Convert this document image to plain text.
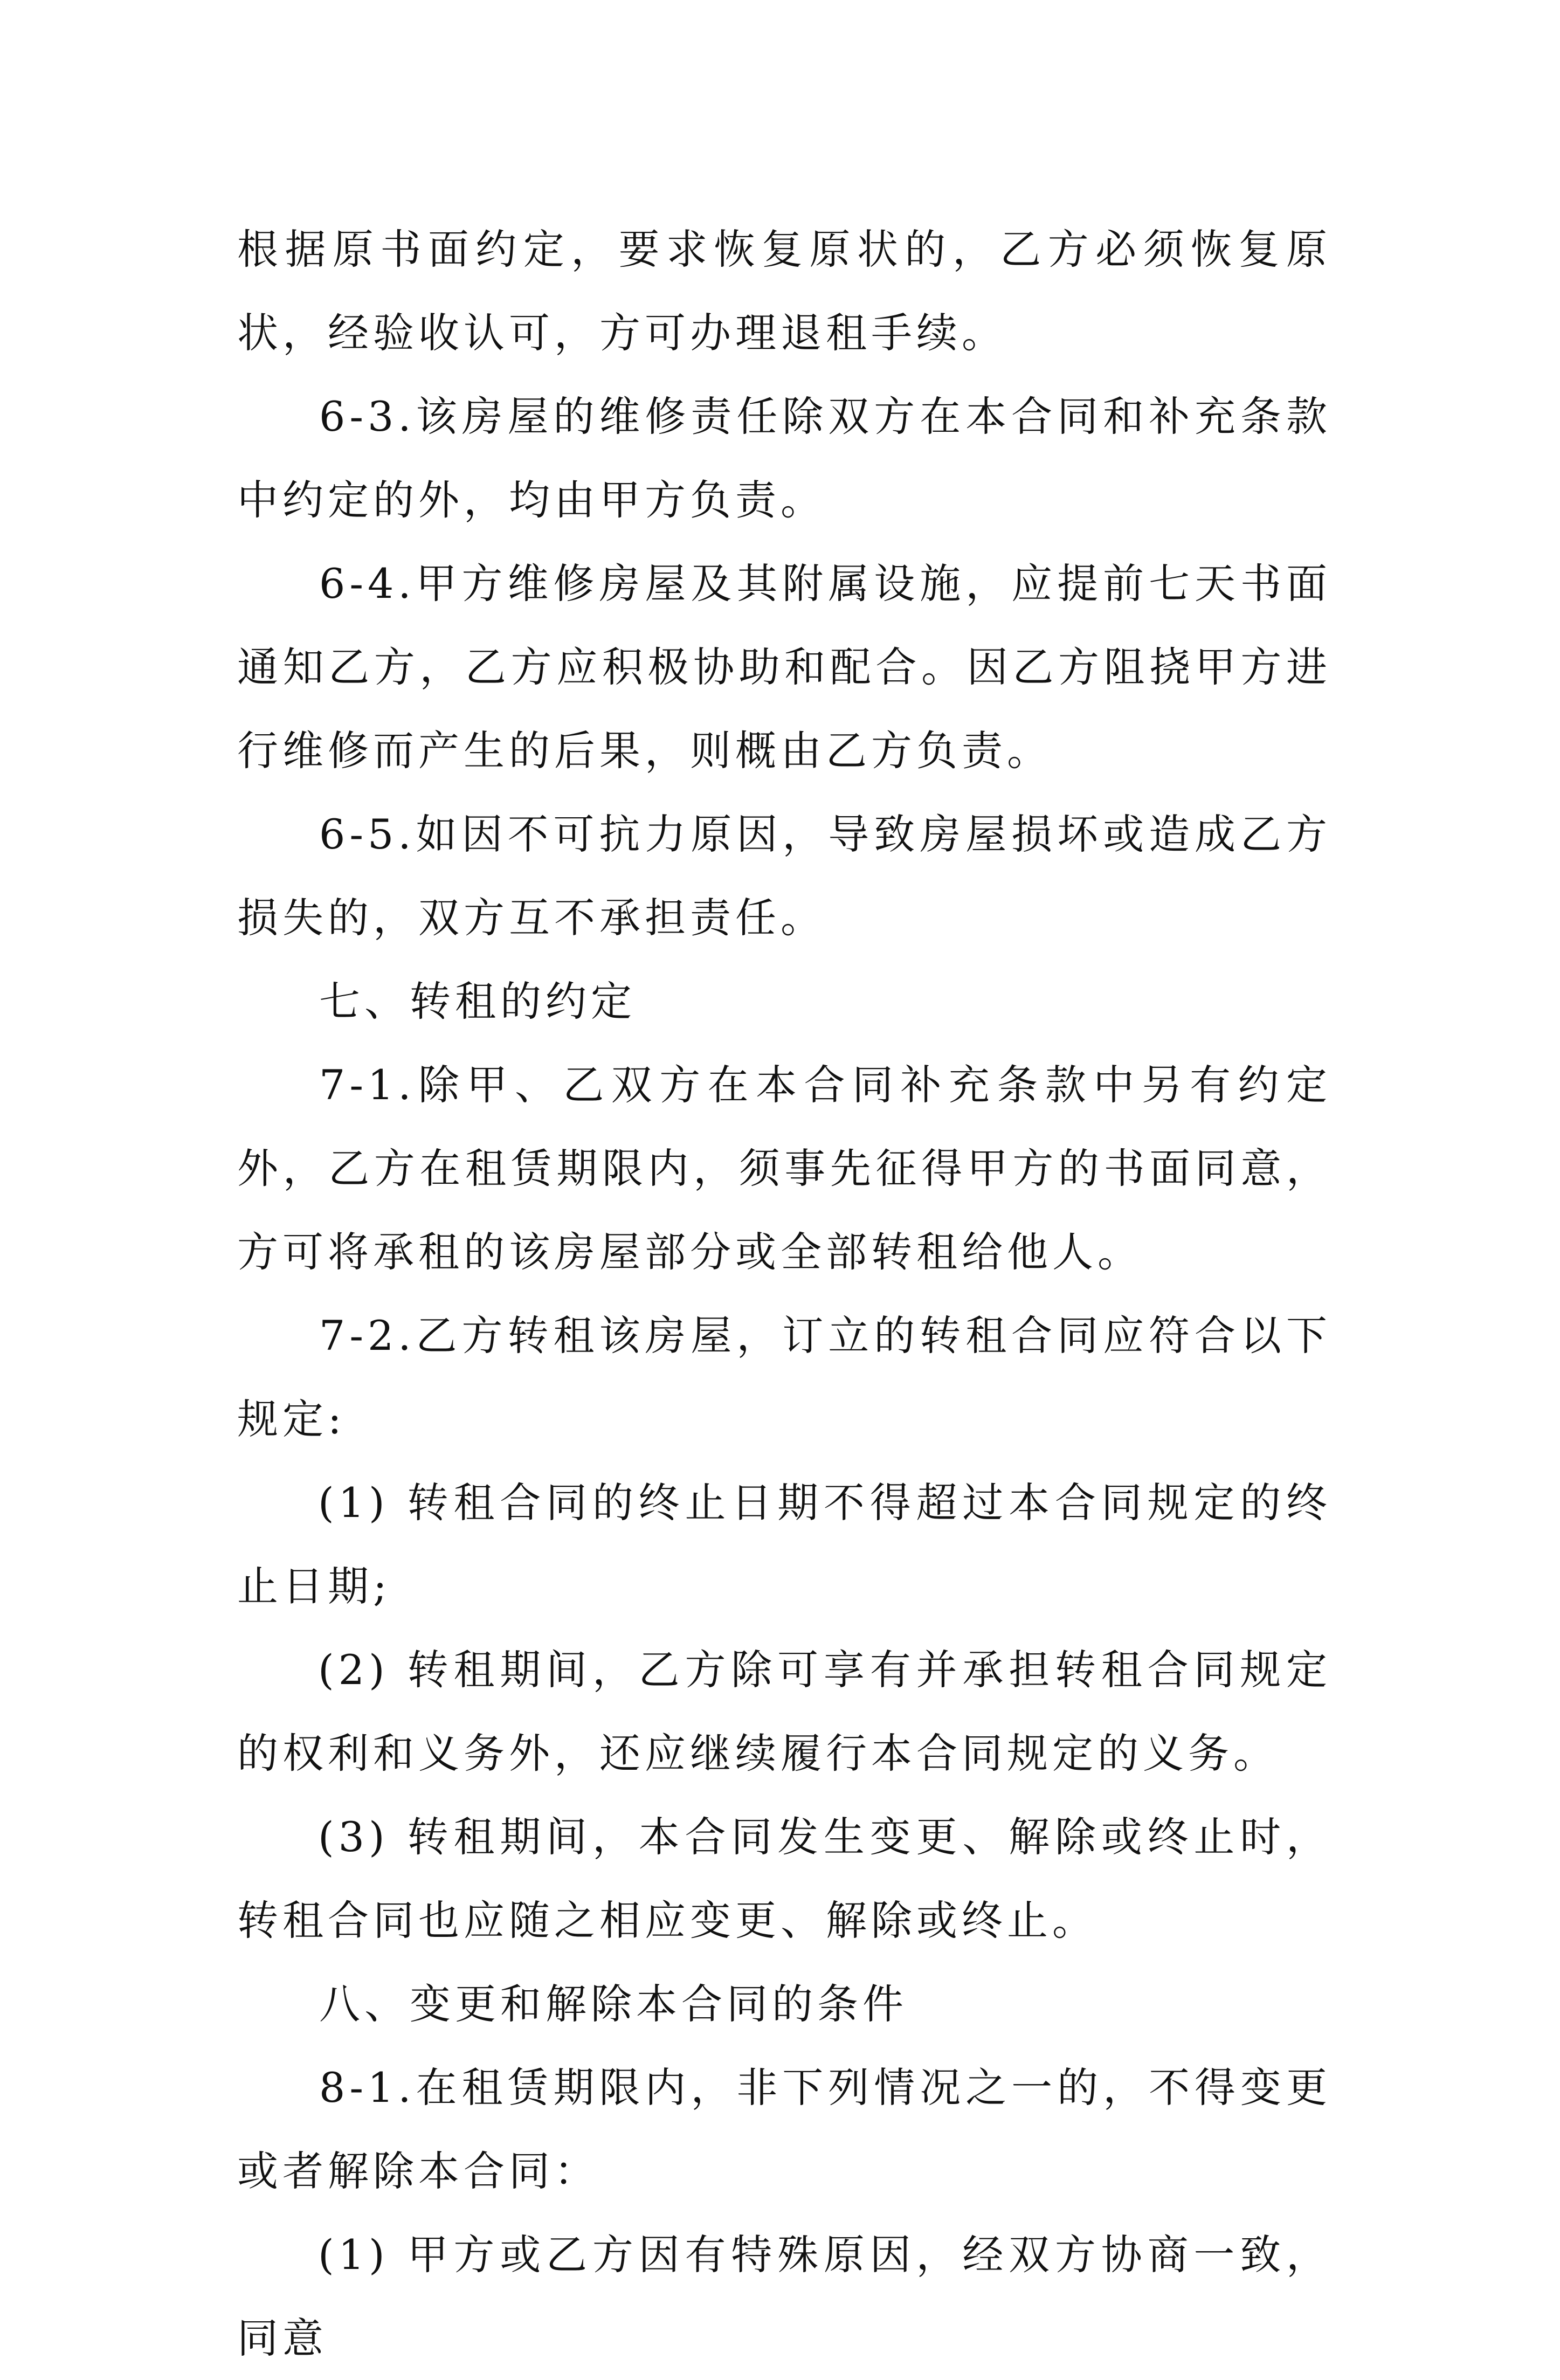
根据原书面约定，要求恢复原状的，乙方必须恢复原状，经验收认可，方可办理退租手续。

6-3.该房屋的维修责任除双方在本合同和补充条款中约定的外，均由甲方负责。

6-4.甲方维修房屋及其附属设施，应提前七天书面通知乙方，乙方应积极协助和配合。因乙方阻挠甲方进行维修而产生的后果，则概由乙方负责。

6-5.如因不可抗力原因，导致房屋损坏或造成乙方损失的，双方互不承担责任。

七、转租的约定

7-1.除甲、乙双方在本合同补充条款中另有约定外，乙方在租赁期限内，须事先征得甲方的书面同意，方可将承租的该房屋部分或全部转租给他人。

7-2.乙方转租该房屋，订立的转租合同应符合以下规定:

(1) 转租合同的终止日期不得超过本合同规定的终止日期;

(2) 转租期间，乙方除可享有并承担转租合同规定的权利和义务外，还应继续履行本合同规定的义务。

(3) 转租期间，本合同发生变更、解除或终止时，转租合同也应随之相应变更、解除或终止。

八、变更和解除本合同的条件

8-1.在租赁期限内，非下列情况之一的，不得变更或者解除本合同：

(1) 甲方或乙方因有特殊原因，经双方协商一致，同意
